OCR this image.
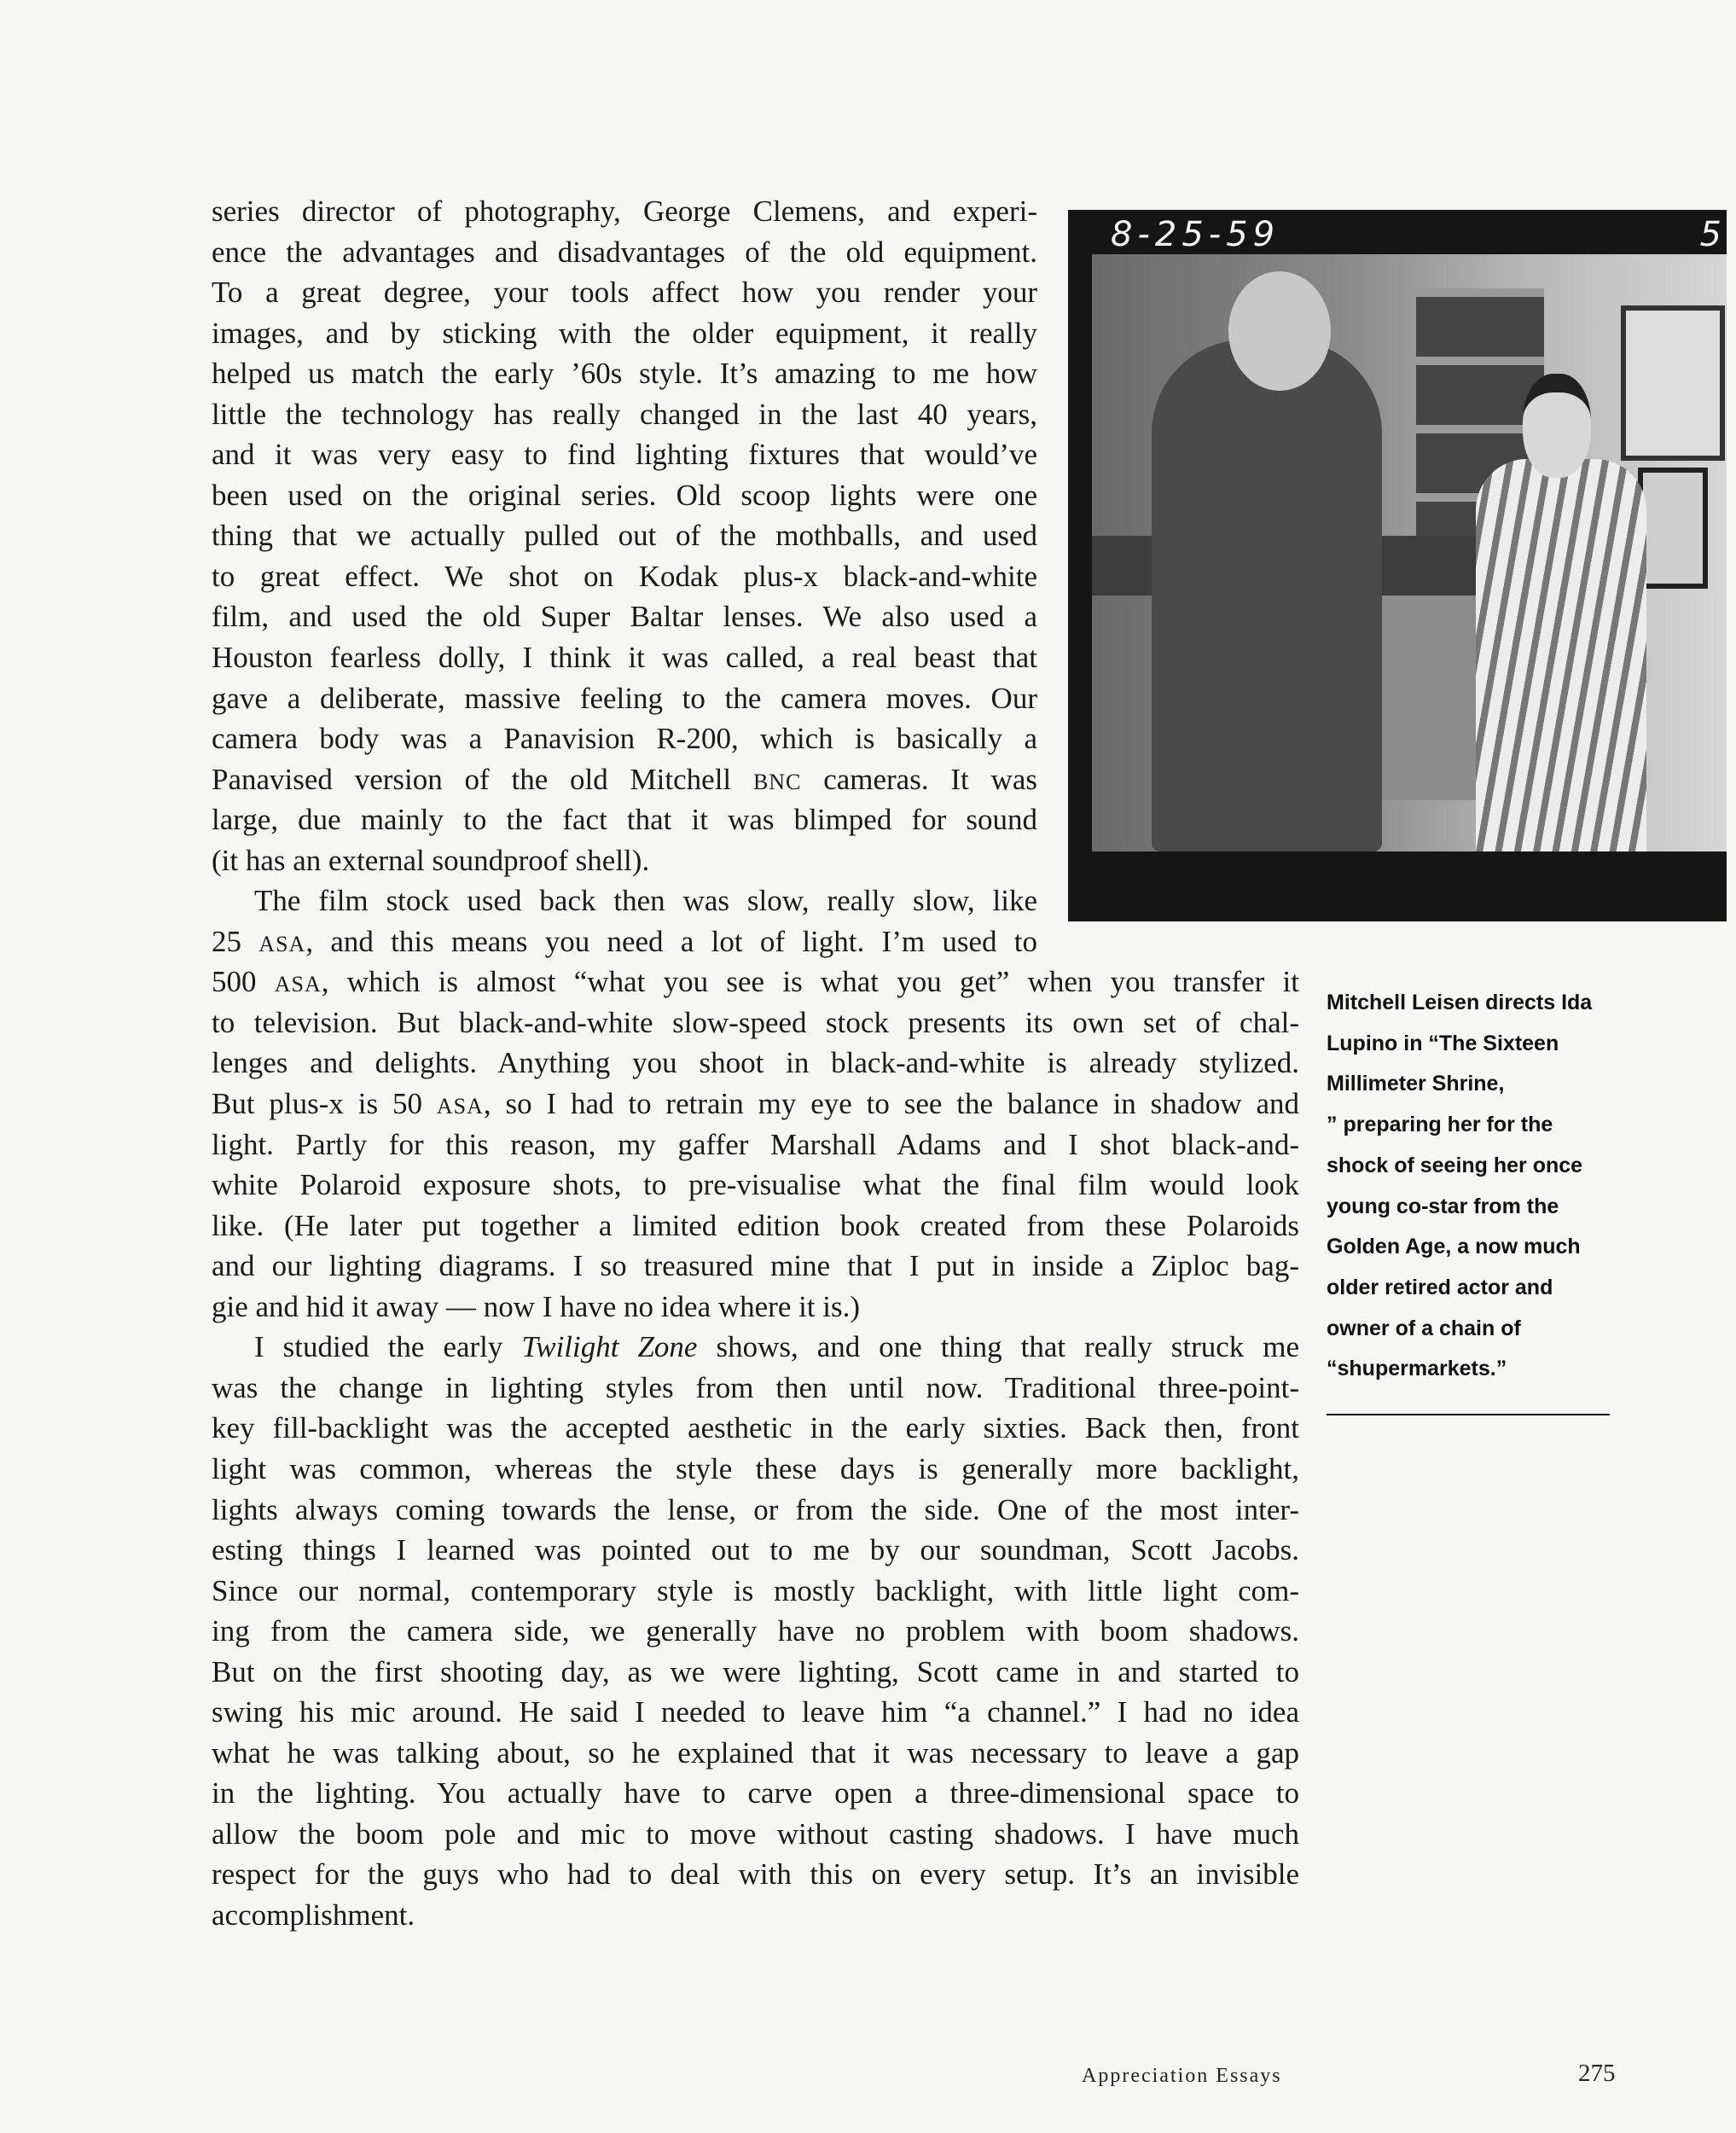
series director of photography, George Clemens, and experi-
ence the advantages and disadvantages of the old equipment.
To a great degree, your tools affect how you render your
images, and by sticking with the older equipment, it really
helped us match the early ’60s style. It’s amazing to me how
little the technology has really changed in the last 40 years,
and it was very easy to find lighting fixtures that would’ve
been used on the original series. Old scoop lights were one
thing that we actually pulled out of the mothballs, and used
to great effect. We shot on Kodak plus-x black-and-white
film, and used the old Super Baltar lenses. We also used a
Houston fearless dolly, I think it was called, a real beast that
gave a deliberate, massive feeling to the camera moves. Our
camera body was a Panavision R-200, which is basically a
Panavised version of the old Mitchell BNC cameras. It was
large, due mainly to the fact that it was blimped for sound
(it has an external soundproof shell).
The film stock used back then was slow, really slow, like
25 ASA, and this means you need a lot of light. I’m used to
500 ASA, which is almost “what you see is what you get” when you transfer it
to television. But black-and-white slow-speed stock presents its own set of chal-
lenges and delights. Anything you shoot in black-and-white is already stylized.
But plus-x is 50 ASA, so I had to retrain my eye to see the balance in shadow and
light. Partly for this reason, my gaffer Marshall Adams and I shot black-and-
white Polaroid exposure shots, to pre-visualise what the final film would look
like. (He later put together a limited edition book created from these Polaroids
and our lighting diagrams. I so treasured mine that I put in inside a Ziploc bag-
gie and hid it away — now I have no idea where it is.)
I studied the early Twilight Zone shows, and one thing that really struck me
was the change in lighting styles from then until now. Traditional three-point-
key fill-backlight was the accepted aesthetic in the early sixties. Back then, front
light was common, whereas the style these days is generally more backlight,
lights always coming towards the lense, or from the side. One of the most inter-
esting things I learned was pointed out to me by our soundman, Scott Jacobs.
Since our normal, contemporary style is mostly backlight, with little light com-
ing from the camera side, we generally have no problem with boom shadows.
But on the first shooting day, as we were lighting, Scott came in and started to
swing his mic around. He said I needed to leave him “a channel.” I had no idea
what he was talking about, so he explained that it was necessary to leave a gap
in the lighting. You actually have to carve open a three-dimensional space to
allow the boom pole and mic to move without casting shadows. I have much
respect for the guys who had to deal with this on every setup. It’s an invisible
accomplishment.
8-25-59	5
Mitchell Leisen directs Ida
Lupino in “The Sixteen
Millimeter Shrine,
” preparing her for the
shock of seeing her once
young co-star from the
Golden Age, a now much
older retired actor and
owner of a chain of
“shupermarkets.”
Appreciation Essays	275
